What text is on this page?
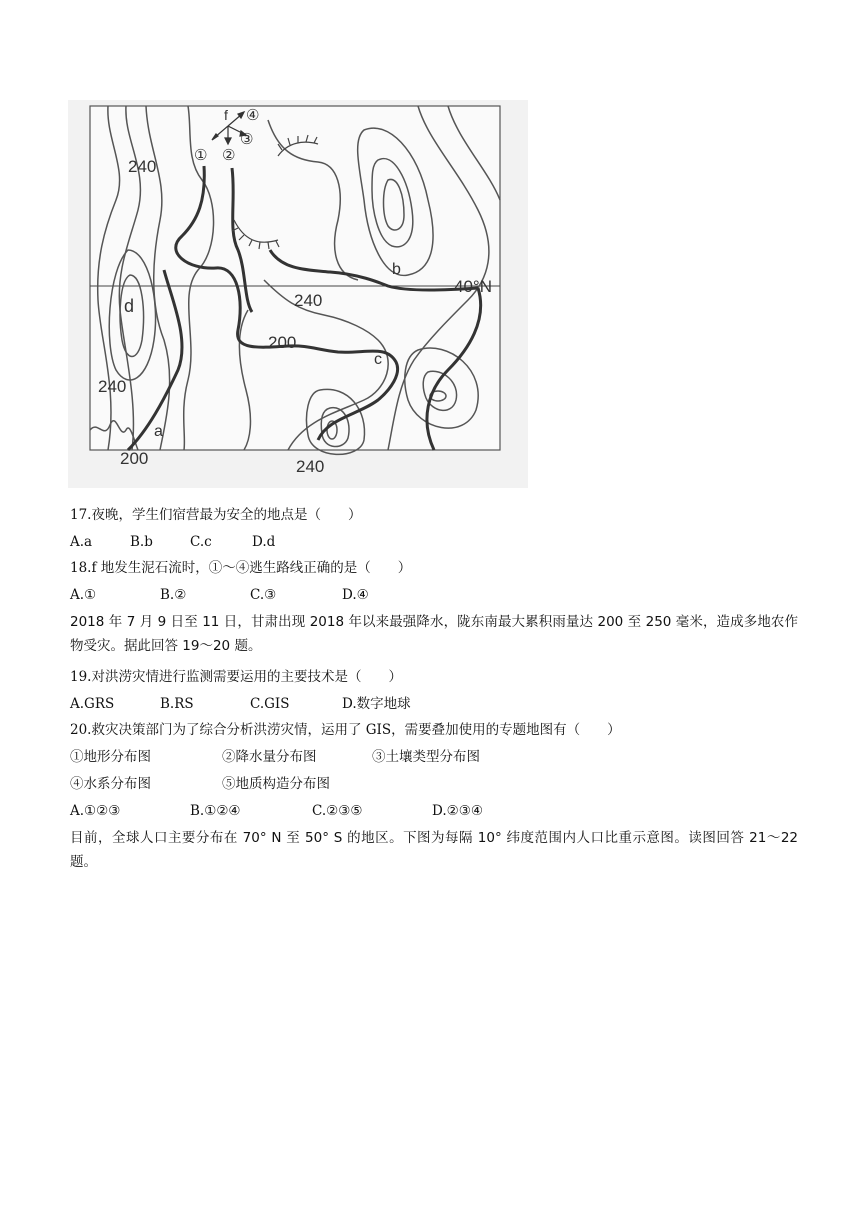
240
240
240
240
200
200
40°N
a
b
c
d
f
① ②
③
④
17.夜晚，学生们宿营最为安全的地点是（　　）
A.a	B.b	C.c	D.d
18.f 地发生泥石流时，①～④逃生路线正确的是（　　）
A.①	B.②	C.③	D.④
2018 年 7 月 9 日至 11 日，甘肃出现 2018 年以来最强降水，陇东南最大累积雨量达 200 至 250 毫米，造成多地农作物受灾。据此回答 19～20 题。
19.对洪涝灾情进行监测需要运用的主要技术是（　　）
A.GRS	B.RS	C.GIS	D.数字地球
20.救灾决策部门为了综合分析洪涝灾情，运用了 GIS，需要叠加使用的专题地图有（　　）
①地形分布图	②降水量分布图	③土壤类型分布图
④水系分布图	⑤地质构造分布图
A.①②③	B.①②④	C.②③⑤	D.②③④
目前，全球人口主要分布在 70° N 至 50° S 的地区。下图为每隔 10° 纬度范围内人口比重示意图。读图回答 21～22 题。
